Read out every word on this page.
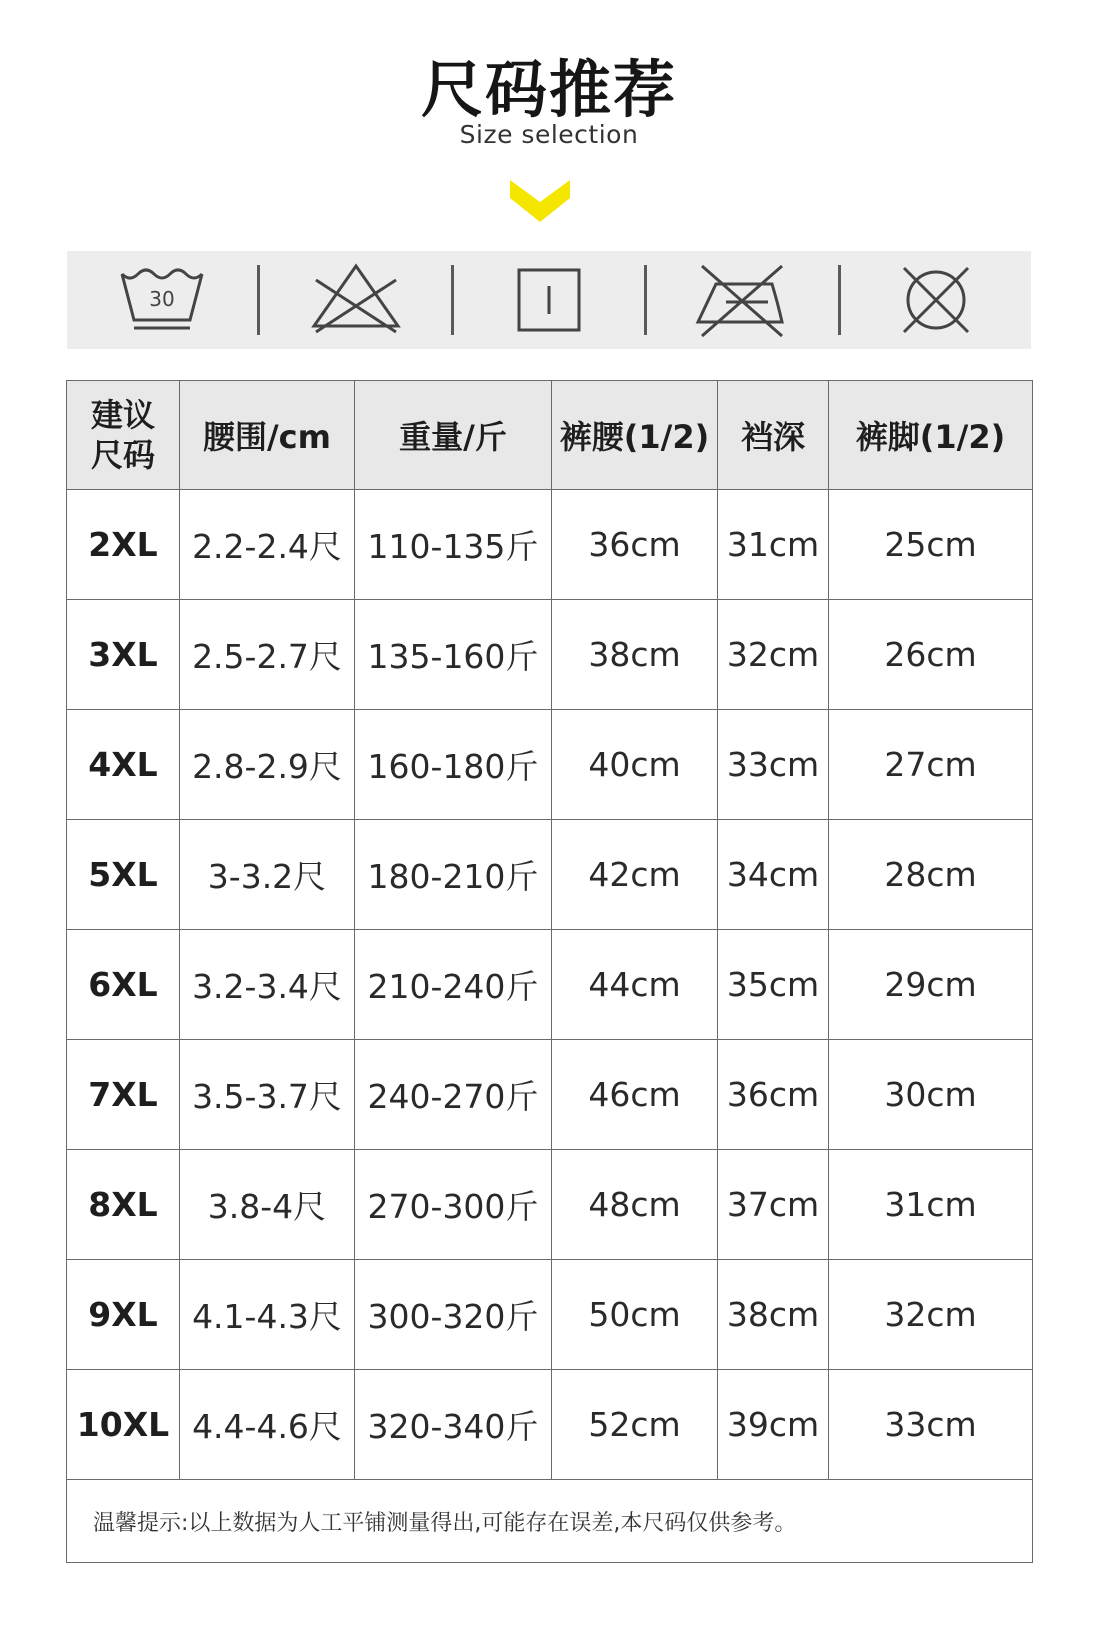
尺码推荐
Size selection
30
建议
尺码	腰围/cm	重量/斤	裤腰(1/2)	裆深	裤脚(1/2)
2XL	2.2-2.4尺	110-135斤	36cm	31cm	25cm
3XL	2.5-2.7尺	135-160斤	38cm	32cm	26cm
4XL	2.8-2.9尺	160-180斤	40cm	33cm	27cm
5XL	3-3.2尺	180-210斤	42cm	34cm	28cm
6XL	3.2-3.4尺	210-240斤	44cm	35cm	29cm
7XL	3.5-3.7尺	240-270斤	46cm	36cm	30cm
8XL	3.8-4尺	270-300斤	48cm	37cm	31cm
9XL	4.1-4.3尺	300-320斤	50cm	38cm	32cm
10XL	4.4-4.6尺	320-340斤	52cm	39cm	33cm
温馨提示:以上数据为人工平铺测量得出,可能存在误差,本尺码仅供参考。					
